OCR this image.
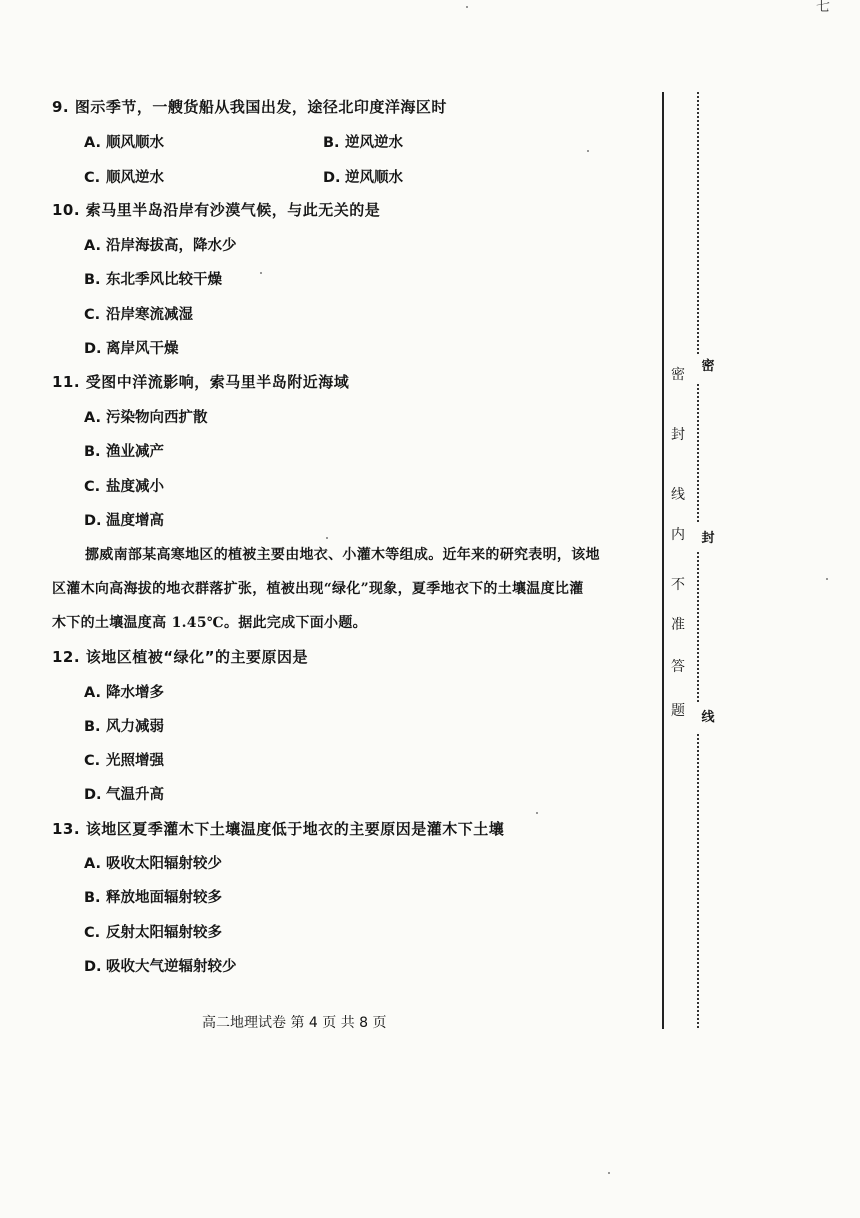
9. 图示季节，一艘货船从我国出发，途径北印度洋海区时
A. 顺风顺水	B. 逆风逆水
C. 顺风逆水	D. 逆风顺水
10. 索马里半岛沿岸有沙漠气候，与此无关的是
A. 沿岸海拔高，降水少
B. 东北季风比较干燥
C. 沿岸寒流减湿
D. 离岸风干燥
11. 受图中洋流影响，索马里半岛附近海域
A. 污染物向西扩散
B. 渔业减产
C. 盐度减小
D. 温度增高
挪威南部某高寒地区的植被主要由地衣、小灌木等组成。近年来的研究表明，该地
区灌木向高海拔的地衣群落扩张，植被出现“绿化”现象，夏季地衣下的土壤温度比灌
木下的土壤温度高 1.45℃。据此完成下面小题。
12. 该地区植被“绿化”的主要原因是
A. 降水增多
B. 风力减弱
C. 光照增强
D. 气温升高
13. 该地区夏季灌木下土壤温度低于地衣的主要原因是灌木下土壤
A. 吸收太阳辐射较少
B. 释放地面辐射较多
C. 反射太阳辐射较多
D. 吸收大气逆辐射较少
高二地理试卷 第 4 页 共 8 页
密
封
线
内
不
准
答
题
密
封
线
七
